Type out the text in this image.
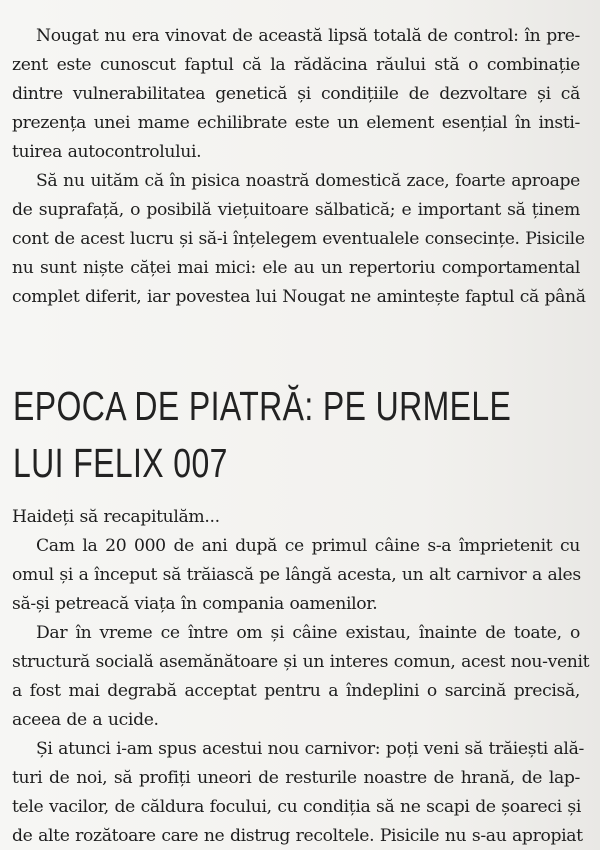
Nougat nu era vinovat de această lipsă totală de control: în pre-
zent este cunoscut faptul că la rădăcina răului stă o combinație
dintre vulnerabilitatea genetică și condițiile de dezvoltare și că
prezența unei mame echilibrate este un element esențial în insti-
tuirea autocontrolului.
Să nu uităm că în pisica noastră domestică zace, foarte aproape
de suprafață, o posibilă viețuitoare sălbatică; e important să ținem
cont de acest lucru și să-i înțelegem eventualele consecințe. Pisicile
nu sunt niște căței mai mici: ele au un repertoriu comportamental
complet diferit, iar povestea lui Nougat ne amintește faptul că până
EPOCA DE PIATRĂ: PE URMELE
LUI FELIX 007
Haideți să recapitulăm...
Cam la 20 000 de ani după ce primul câine s-a împrietenit cu
omul și a început să trăiască pe lângă acesta, un alt carnivor a ales
să-și petreacă viața în compania oamenilor.
Dar în vreme ce între om și câine existau, înainte de toate, o
structură socială asemănătoare și un interes comun, acest nou-venit
a fost mai degrabă acceptat pentru a îndeplini o sarcină precisă,
aceea de a ucide.
Și atunci i-am spus acestui nou carnivor: poți veni să trăiești ală-
turi de noi, să profiți uneori de resturile noastre de hrană, de lap-
tele vacilor, de căldura focului, cu condiția să ne scapi de șoareci și
de alte rozătoare care ne distrug recoltele. Pisicile nu s-au apropiat
